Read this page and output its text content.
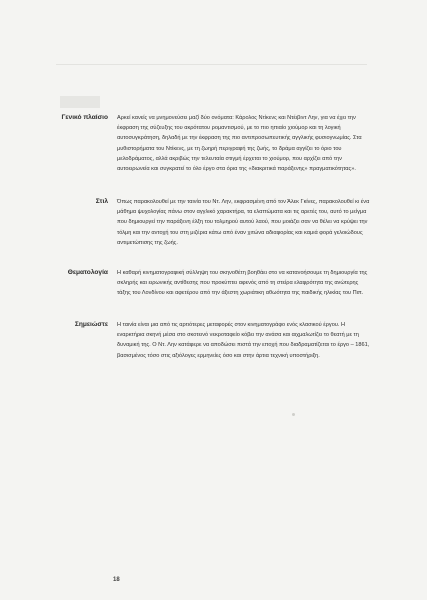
Γενικό πλαίσιο Αρκεί κανείς να μνημονεύσει μαζί δύο ονόματα: Κάρολος Ντίκενς και Ντέιβιντ Λην, για να έχει την έκφραση της σύζευξης του ακρότατου ρομαντισμού, με το πιο ηπιαίο χιούμορ και τη λογική αυτοσυγκράτηση, δηλαδή με την έκφραση της πιο αντιπροσωπευτικής αγγλικής φυσιογνωμίας. Στα μυθιστορήματα του Ντίκενς, με τη ζωηρή περιγραφή της ζωής, το δράμα αγγίζει το όριο του μελοδράματος, αλλά ακριβώς την τελευταία στιγμή έρχεται το χιούμορ, που αρχίζει από την αυτοειρωνεία και συγκρατεί το όλο έργο στα όρια της «διακριτικά παράξενης» πραγματικότητας».
Στιλ Όπως παρακολουθεί με την ταινία του Ντ. Λην, εκφρασμένη από τον Άλεκ Γκίνες, παρακολουθεί κι ένα μάθημα ψυχολογίας πάνω στον αγγλικό χαρακτήρα, τα ελαττώματα και τις αρετές του, αυτό το μείγμα που δημιουργεί την παράξενη έλξη του τολμηρού αυτού λαού, που μοιάζει σαν να θέλει να κρύψει την τόλμη και την αντοχή του στη μιζέρια κάτω από έναν χιτώνα αδιαφορίας και καμιά φορά γελοιώδους αντιμετώπισης της ζωής.
Θεματολογία Η καθαρή κινηματογραφική σύλληψη του σκηνοθέτη βοηθάει στο να κατανοήσουμε τη δημιουργία της σκληρής και ειρωνικής αντίθεσης που προκύπτει αφενός από τη στείρα ελαφρότητα της ανώτερης τάξης του Λονδίνου και αφετέρου από την άξεστη χωριάτικη αθωότητα της παιδικής ηλικίας του Πιπ.
Σημειώστε Η ταινία είναι μια από τις αρτιότερες μεταφορές στον κινηματογράφο ενός κλασικού έργου. Η εναρκτήρια σκηνή μέσα στο σκοτεινό νεκροταφείο κόβει την ανάσα και αιχμαλωτίζει το θεατή με τη δυναμική της. Ο Ντ. Λην κατάφερε να αποδώσει πιστά την εποχή που διαδραματίζεται το έργο – 1861, βασισμένος τόσο στις αξιόλογες ερμηνείες όσο και στην άρτια τεχνική υποστήριξη.
18
